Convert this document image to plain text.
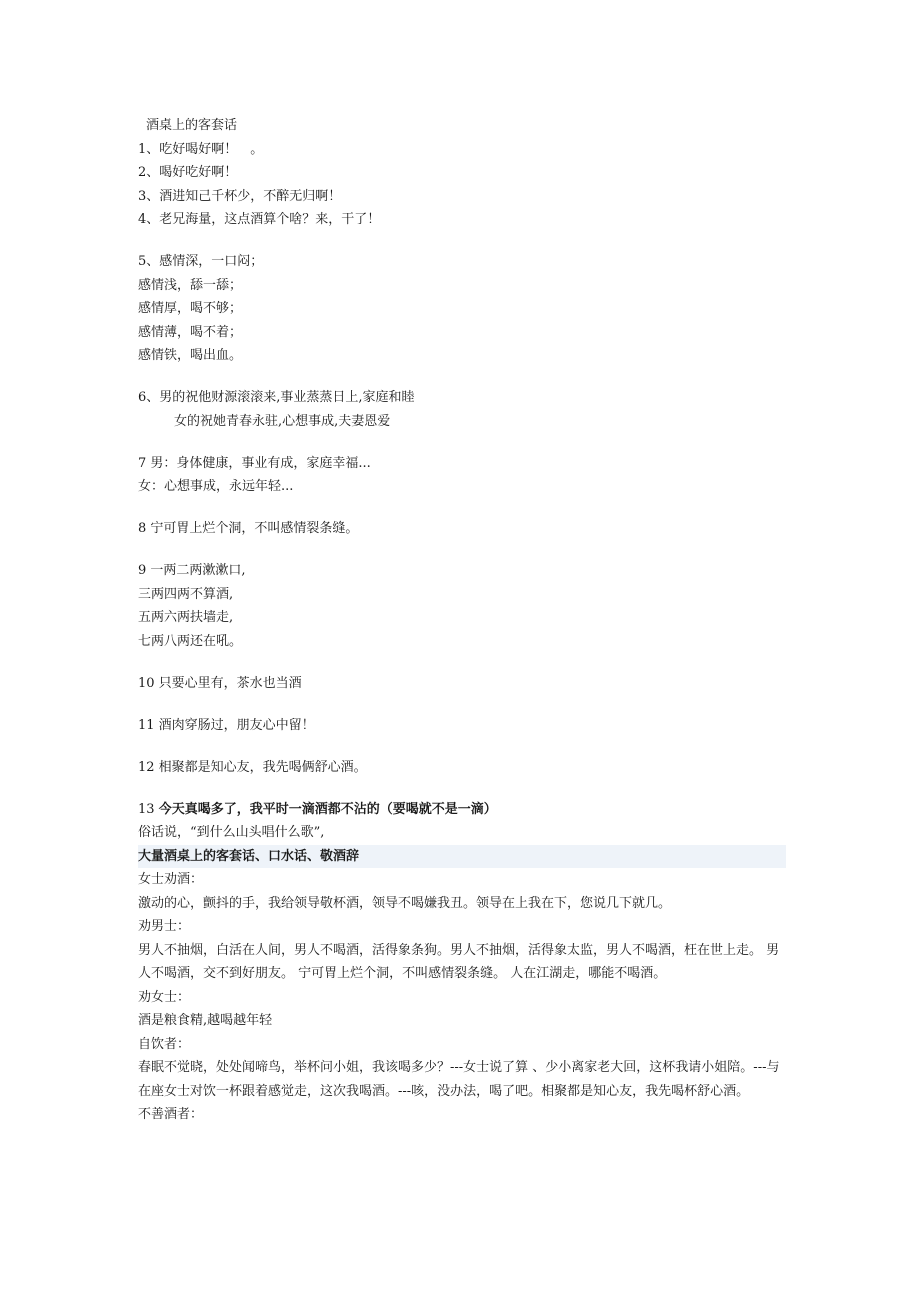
酒桌上的客套话
1、吃好喝好啊！　。
2、喝好吃好啊！
3、酒进知己千杯少，不醉无归啊！
4、老兄海量，这点酒算个啥？来，干了！
5、感情深，一口闷；
感情浅，舔一舔；
感情厚，喝不够；
感情薄，喝不着；
感情铁，喝出血。
6、男的祝他财源滚滚来,事业蒸蒸日上,家庭和睦
女的祝她青春永驻,心想事成,夫妻恩爱
7 男：身体健康，事业有成，家庭幸福...
女：心想事成，永远年轻...
8 宁可胃上烂个洞，不叫感情裂条缝。
9 一两二两漱漱口,
三两四两不算酒,
五两六两扶墙走,
七两八两还在吼。
10 只要心里有，茶水也当酒
11 酒肉穿肠过，朋友心中留！
12 相聚都是知心友，我先喝俩舒心酒。
13 今天真喝多了，我平时一滴酒都不沾的（要喝就不是一滴）
俗话说，“到什么山头唱什么歌”,
大量酒桌上的客套话、口水话、敬酒辞
女士劝酒：
激动的心，颤抖的手，我给领导敬杯酒，领导不喝嫌我丑。领导在上我在下，您说几下就几。
劝男士：
男人不抽烟，白活在人间，男人不喝酒，活得象条狗。男人不抽烟，活得象太监，男人不喝酒，枉在世上走。 男人不喝酒，交不到好朋友。 宁可胃上烂个洞，不叫感情裂条缝。 人在江湖走，哪能不喝酒。
劝女士：
酒是粮食精,越喝越年轻
自饮者：
春眠不觉晓，处处闻啼鸟，举杯问小姐，我该喝多少？---女士说了算 、少小离家老大回，这杯我请小姐陪。---与在座女士对饮一杯跟着感觉走，这次我喝酒。---咳，没办法，喝了吧。相聚都是知心友，我先喝杯舒心酒。
不善酒者：
